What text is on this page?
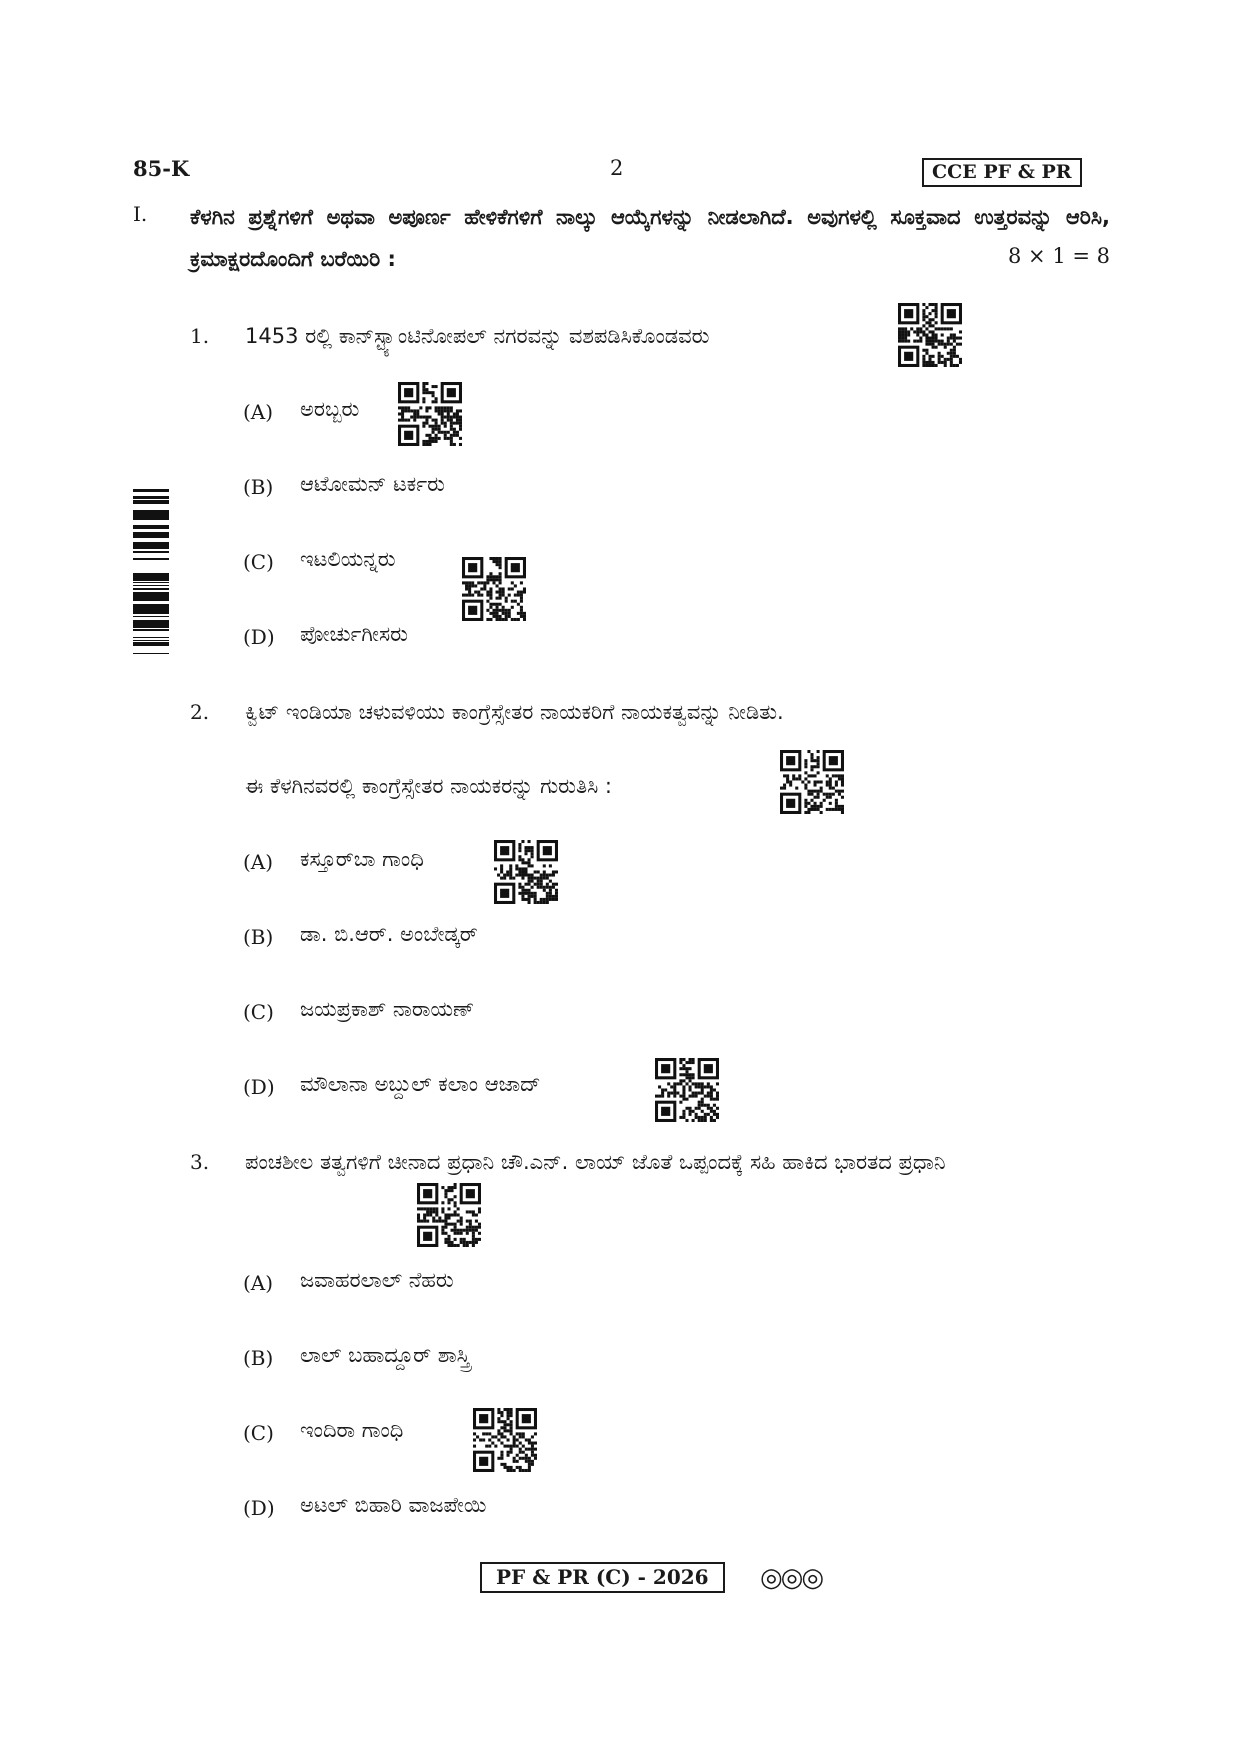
85-K	2	CCE PF & PR
I. ಕೆಳಗಿನ ಪ್ರಶ್ನೆಗಳಿಗೆ ಅಥವಾ ಅಪೂರ್ಣ ಹೇಳಿಕೆಗಳಿಗೆ ನಾಲ್ಕು ಆಯ್ಕೆಗಳನ್ನು ನೀಡಲಾಗಿದೆ. ಅವುಗಳಲ್ಲಿ ಸೂಕ್ತವಾದ ಉತ್ತರವನ್ನು ಆರಿಸಿ, ಕ್ರಮಾಕ್ಷರದೊಂದಿಗೆ ಬರೆಯಿರಿ :	8 × 1 = 8
1. 1453 ರಲ್ಲಿ ಕಾನ್‌ಸ್ಟ್ಯಾಂಟಿನೋಪಲ್ ನಗರವನ್ನು ವಶಪಡಿಸಿಕೊಂಡವರು
(A) ಅರಬ್ಬರು
(B) ಆಟೋಮನ್ ಟರ್ಕರು
(C) ಇಟಲಿಯನ್ನರು
(D) ಪೋರ್ಚುಗೀಸರು
2. ಕ್ವಿಟ್ ಇಂಡಿಯಾ ಚಳುವಳಿಯು ಕಾಂಗ್ರೆಸ್ಸೇತರ ನಾಯಕರಿಗೆ ನಾಯಕತ್ವವನ್ನು ನೀಡಿತು.
ಈ ಕೆಳಗಿನವರಲ್ಲಿ ಕಾಂಗ್ರೆಸ್ಸೇತರ ನಾಯಕರನ್ನು ಗುರುತಿಸಿ :
(A) ಕಸ್ತೂರ್‌ಬಾ ಗಾಂಧಿ
(B) ಡಾ. ಬಿ.ಆರ್. ಅಂಬೇಡ್ಕರ್
(C) ಜಯಪ್ರಕಾಶ್ ನಾರಾಯಣ್
(D) ಮೌಲಾನಾ ಅಬ್ದುಲ್ ಕಲಾಂ ಆಜಾದ್
3. ಪಂಚಶೀಲ ತತ್ವಗಳಿಗೆ ಚೀನಾದ ಪ್ರಧಾನಿ ಚೌ.ಎನ್. ಲಾಯ್ ಜೊತೆ ಒಪ್ಪಂದಕ್ಕೆ ಸಹಿ ಹಾಕಿದ ಭಾರತದ ಪ್ರಧಾನಿ
(A) ಜವಾಹರಲಾಲ್ ನೆಹರು
(B) ಲಾಲ್ ಬಹಾದ್ದೂರ್ ಶಾಸ್ತ್ರಿ
(C) ಇಂದಿರಾ ಗಾಂಧಿ
(D) ಅಟಲ್ ಬಿಹಾರಿ ವಾಜಪೇಯಿ
PF & PR (C) - 2026	◎◎◎
